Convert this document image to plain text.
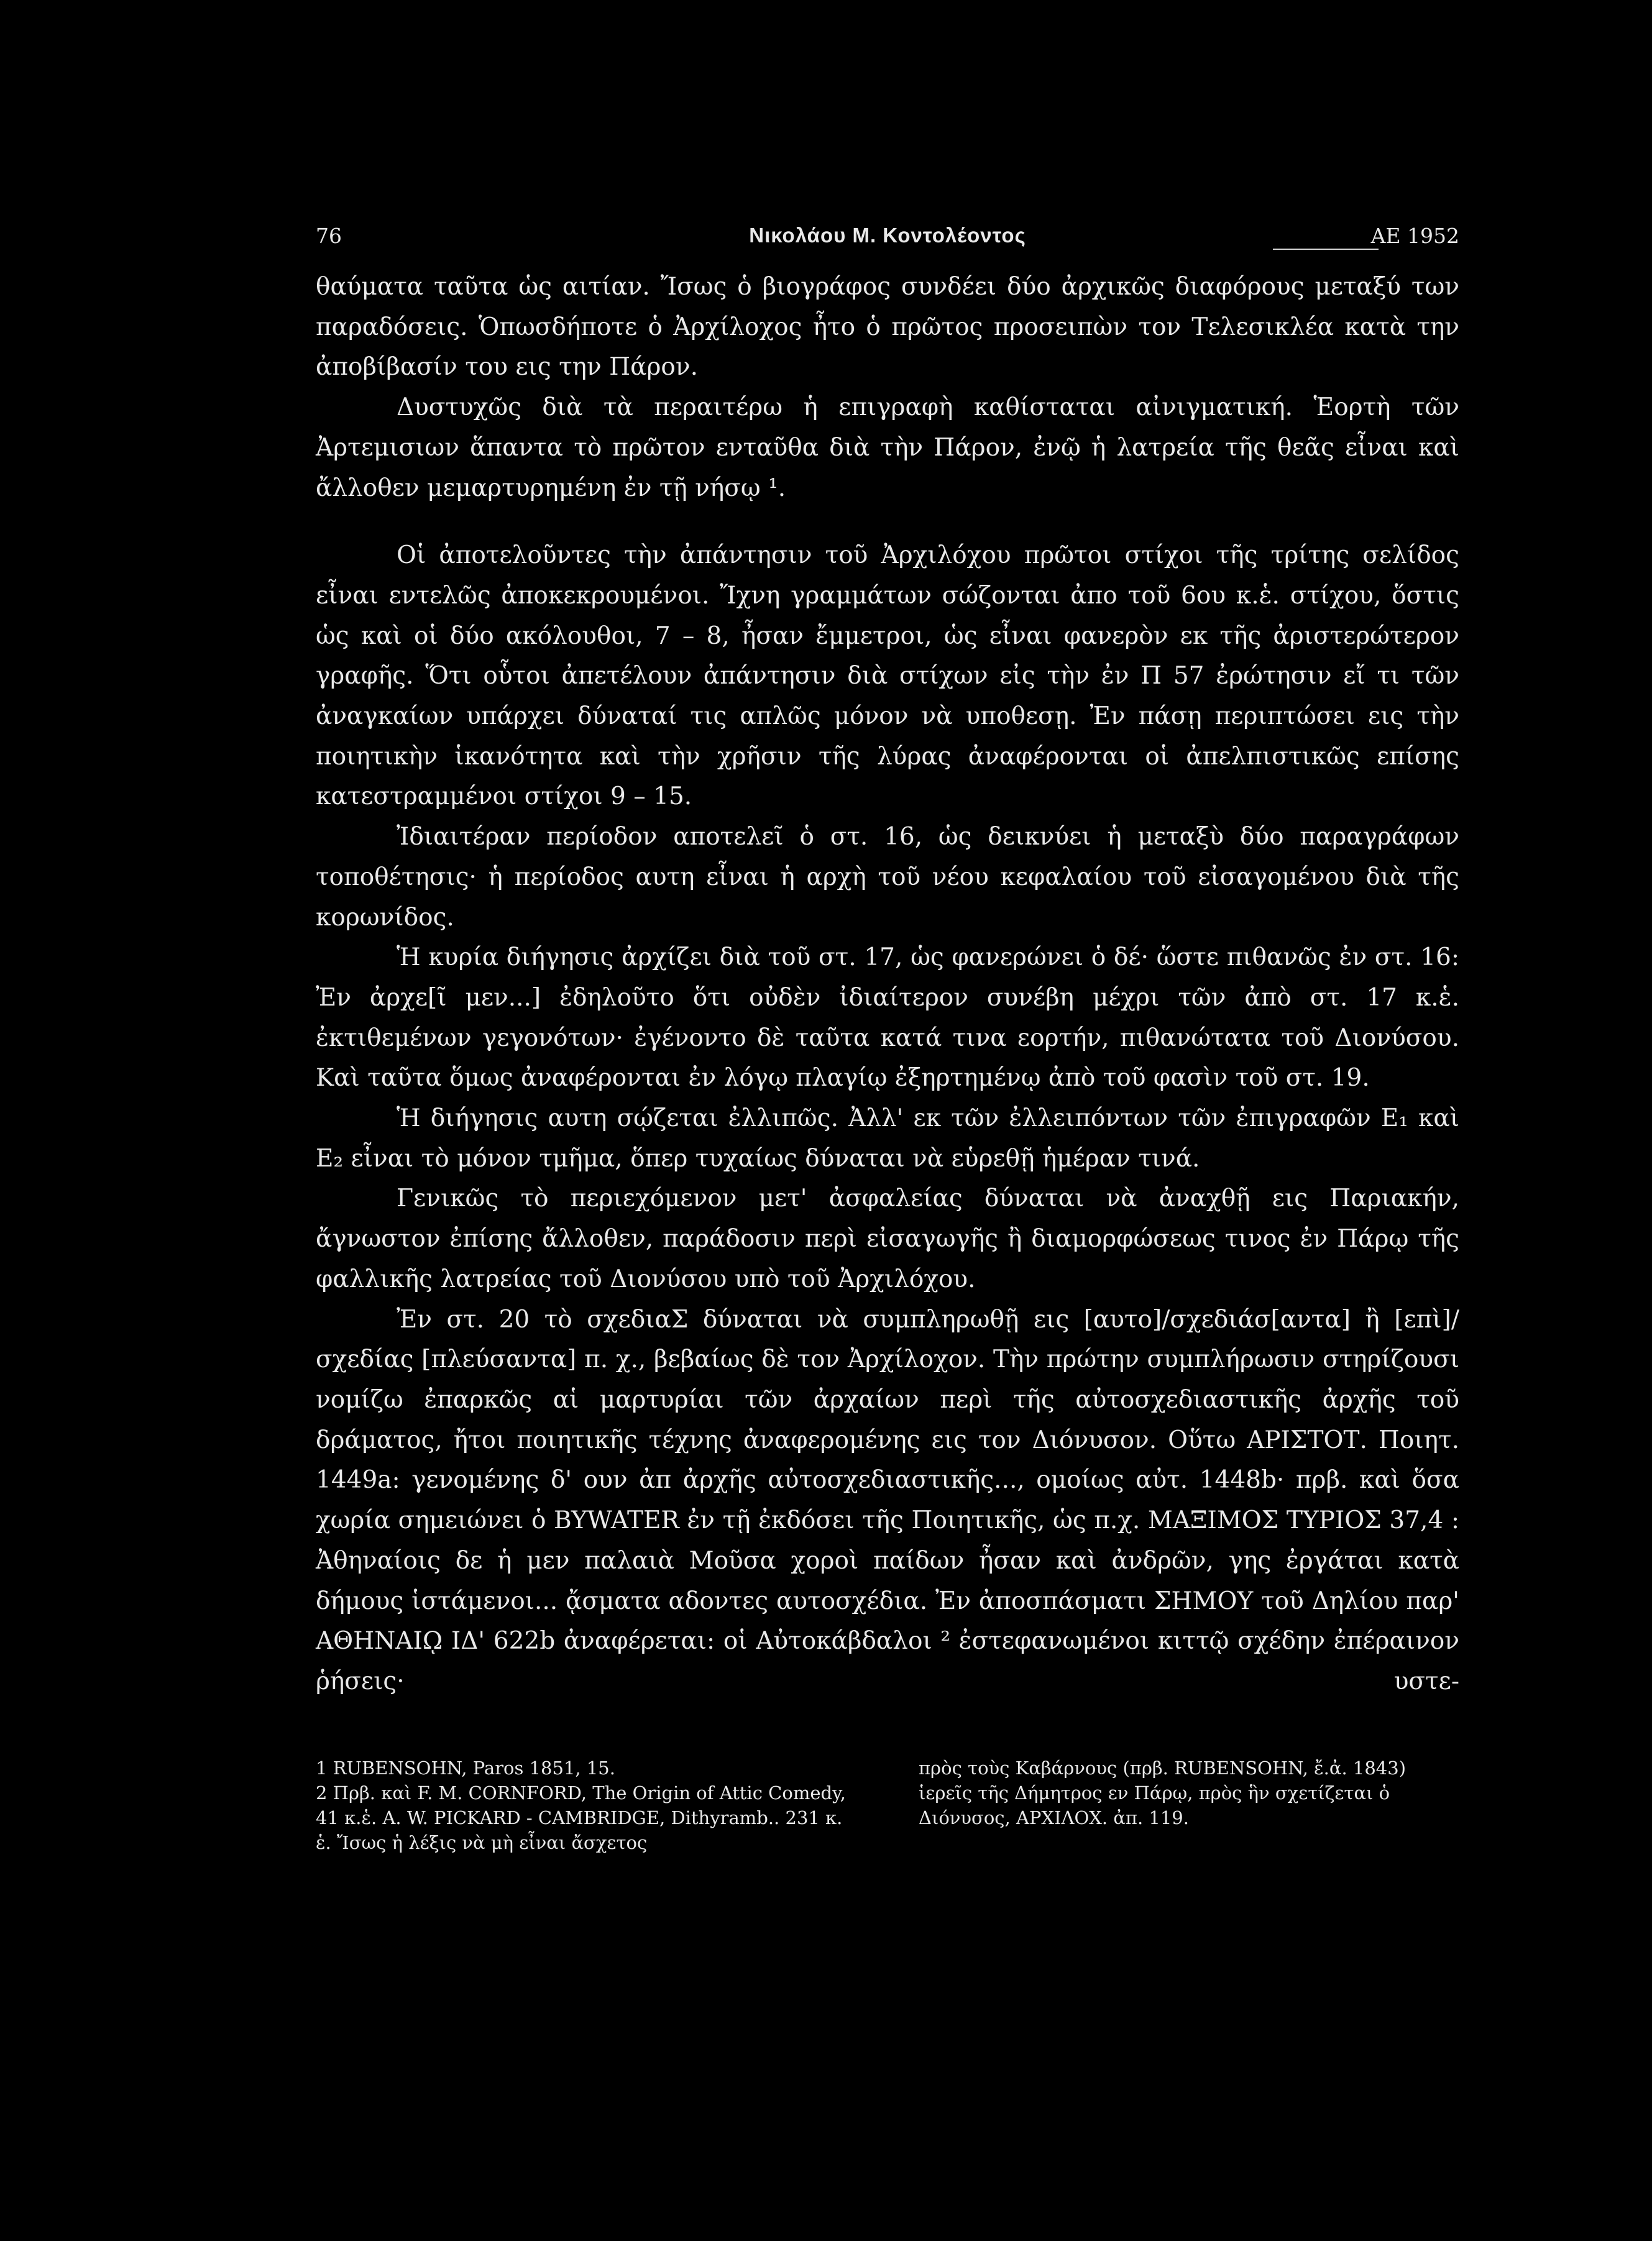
76	Νικολάου Μ. Κοντολέοντος	ΑΕ 1952

θαύματα ταῦτα ὡς αιτίαν. Ἴσως ὁ βιογράφος συνδέει δύο ἀρχικῶς διαφόρους μεταξύ των παραδόσεις. Ὁπωσδήποτε ὁ Ἀρχίλοχος ἦτο ὁ πρῶτος προσειπὼν τον Τελεσικλέα κατὰ την ἀποβίβασίν του εις την Πάρον.

Δυστυχῶς διὰ τὰ περαιτέρω ἡ επιγραφὴ καθίσταται αἰνιγματική. Ἑορτὴ τῶν Ἀρτεμισιων ἅπαντα τὸ πρῶτον ενταῦθα διὰ τὴν Πάρον, ἐνῷ ἡ λατρεία τῆς θεᾶς εἶναι καὶ ἄλλοθεν μεμαρτυρημένη ἐν τῇ νήσῳ ¹.

Οἱ ἀποτελοῦντες τὴν ἀπάντησιν τοῦ Ἀρχιλόχου πρῶτοι στίχοι τῆς τρίτης σελίδος εἶναι εντελῶς ἀποκεκρουμένοι. Ἴχνη γραμμάτων σώζονται ἀπο τοῦ 6ου κ.ἑ. στίχου, ὅστις ὡς καὶ οἱ δύο ακόλουθοι, 7 – 8, ἦσαν ἔμμετροι, ὡς εἶναι φανερὸν εκ τῆς ἀριστερώτερον γραφῆς. Ὅτι οὗτοι ἀπετέλουν ἀπάντησιν διὰ στίχων εἰς τὴν ἐν Π 57 ἐρώτησιν εἴ τι τῶν ἀναγκαίων υπάρχει δύναταί τις απλῶς μόνον νὰ υποθεσῃ. Ἐν πάσῃ περιπτώσει εις τὴν ποιητικὴν ἱκανότητα καὶ τὴν χρῆσιν τῆς λύρας ἀναφέρονται οἱ ἀπελπιστικῶς επίσης κατεστραμμένοι στίχοι 9 – 15.

Ἰδιαιτέραν περίοδον αποτελεῖ ὁ στ. 16, ὡς δεικνύει ἡ μεταξὺ δύο παραγράφων τοποθέτησις· ἡ περίοδος αυτη εἶναι ἡ αρχὴ τοῦ νέου κεφαλαίου τοῦ εἰσαγομένου διὰ τῆς κορωνίδος.

Ἡ κυρία διήγησις ἀρχίζει διὰ τοῦ στ. 17, ὡς φανερώνει ὁ δέ· ὥστε πιθανῶς ἐν στ. 16: Ἐν ἀρχε[ῖ μεν...] ἐδηλοῦτο ὅτι οὐδὲν ἰδιαίτερον συνέβη μέχρι τῶν ἀπὸ στ. 17 κ.ἑ. ἐκτιθεμένων γεγονότων· ἐγένοντο δὲ ταῦτα κατά τινα εορτήν, πιθανώτατα τοῦ Διονύσου. Καὶ ταῦτα ὅμως ἀναφέρονται ἐν λόγῳ πλαγίῳ ἐξηρτημένῳ ἀπὸ τοῦ φασὶν τοῦ στ. 19.

Ἡ διήγησις αυτη σῴζεται ἐλλιπῶς. Ἀλλ' εκ τῶν ἐλλειπόντων τῶν ἐπιγραφῶν Ε₁ καὶ Ε₂ εἶναι τὸ μόνον τμῆμα, ὅπερ τυχαίως δύναται νὰ εὑρεθῇ ἡμέραν τινά.

Γενικῶς τὸ περιεχόμενον μετ' ἀσφαλείας δύναται νὰ ἀναχθῇ εις Παριακήν, ἄγνωστον ἐπίσης ἄλλοθεν, παράδοσιν περὶ εἰσαγωγῆς ἢ διαμορφώσεως τινος ἐν Πάρῳ τῆς φαλλικῆς λατρείας τοῦ Διονύσου υπὸ τοῦ Ἀρχιλόχου.

Ἐν στ. 20 τὸ σχεδιαΣ δύναται νὰ συμπληρωθῇ εις [αυτο]/σχεδιάσ[αντα] ἢ [επὶ]/σχεδίας [πλεύσαντα] π. χ., βεβαίως δὲ τον Ἀρχίλοχον. Τὴν πρώτην συμπλήρωσιν στηρίζουσι νομίζω ἐπαρκῶς αἱ μαρτυρίαι τῶν ἀρχαίων περὶ τῆς αὐτοσχεδιαστικῆς ἀρχῆς τοῦ δράματος, ἤτοι ποιητικῆς τέχνης ἀναφερομένης εις τον Διόνυσον. Οὕτω ΑΡΙΣΤΟΤ. Ποιητ. 1449a: γενομένης δ' ουν ἀπ ἀρχῆς αὐτοσχεδιαστικῆς..., ομοίως αὐτ. 1448b· πρβ. καὶ ὅσα χωρία σημειώνει ὁ BYWATER ἐν τῇ ἐκδόσει τῆς Ποιητικῆς, ὡς π.χ. ΜΑΞΙΜΟΣ ΤΥΡΙΟΣ 37,4 : Ἀθηναίοις δε ἡ μεν παλαιὰ Μοῦσα χοροὶ παίδων ἦσαν καὶ ἀνδρῶν, γης ἐργάται κατὰ δήμους ἱστάμενοι... ᾄσματα αδοντες αυτοσχέδια. Ἐν ἀποσπάσματι ΣΗΜΟΥ τοῦ Δηλίου παρ' ΑΘΗΝΑΙῼ ΙΔ' 622b ἀναφέρεται: οἱ Αὐτοκάβδαλοι ² ἐστεφανωμένοι κιττῷ σχέδην ἐπέραινον ῥήσεις· υστε-

1 RUBENSOHN, Paros 1851, 15.

2 Πρβ. καὶ F. M. CORNFORD, The Origin of Attic Comedy, 41 κ.ἑ. A. W. PICKARD - CAMBRIDGE, Dithyramb.. 231 κ. ἑ. Ἴσως ἡ λέξις νὰ μὴ εἶναι ἄσχετος

πρὸς τοὺς Καβάρνους (πρβ. RUBENSOHN, ἔ.ἀ. 1843) ἱερεῖς τῆς Δήμητρος εν Πάρῳ, πρὸς ἣν σχετίζεται ὁ Διόνυσος, ΑΡΧΙΛΟΧ. ἀπ. 119.
